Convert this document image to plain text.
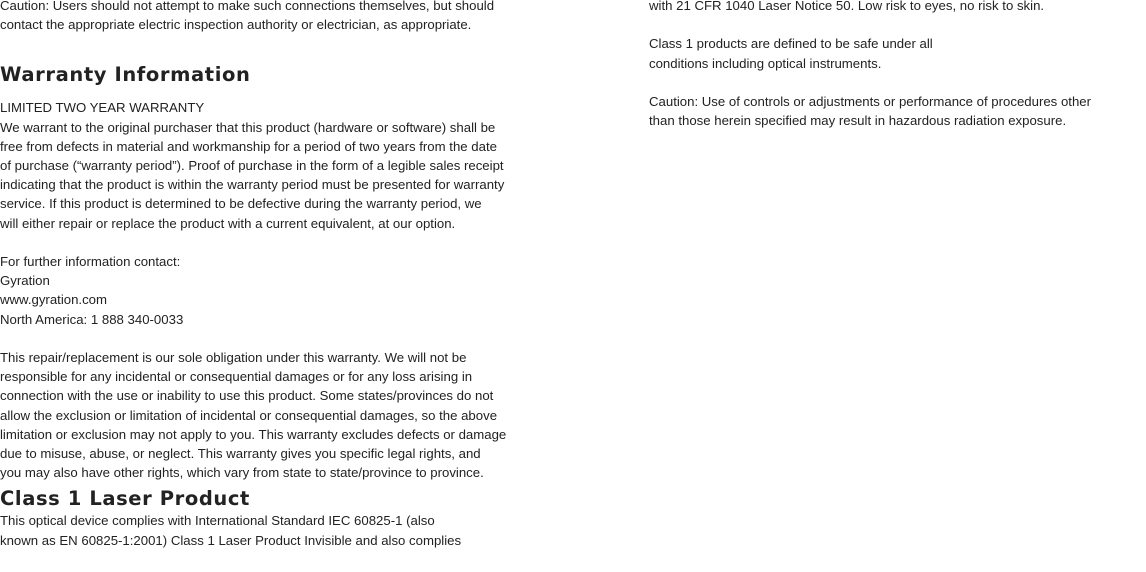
Caution: Users should not attempt to make such connections themselves, but should

contact the appropriate electric inspection authority or electrician, as appropriate.

Warranty Information

LIMITED TWO YEAR WARRANTY

We warrant to the original purchaser that this product (hardware or software) shall be

free from defects in material and workmanship for a period of two years from the date

of purchase (“warranty period”). Proof of purchase in the form of a legible sales receipt

indicating that the product is within the warranty period must be presented for warranty

service. If this product is determined to be defective during the warranty period, we

will either repair or replace the product with a current equivalent, at our option.

For further information contact:

Gyration

www.gyration.com

North America: 1 888 340-0033

This repair/replacement is our sole obligation under this warranty. We will not be

responsible for any incidental or consequential damages or for any loss arising in

connection with the use or inability to use this product. Some states/provinces do not

allow the exclusion or limitation of incidental or consequential damages, so the above

limitation or exclusion may not apply to you. This warranty excludes defects or damage

due to misuse, abuse, or neglect. This warranty gives you specific legal rights, and

you may also have other rights, which vary from state to state/province to province.

Class 1 Laser Product

This optical device complies with International Standard IEC 60825-1 (also

known as EN 60825-1:2001) Class 1 Laser Product Invisible and also complies

with 21 CFR 1040 Laser Notice 50. Low risk to eyes, no risk to skin.

Class 1 products are defined to be safe under all

conditions including optical instruments.

Caution: Use of controls or adjustments or performance of procedures other

than those herein specified may result in hazardous radiation exposure.
